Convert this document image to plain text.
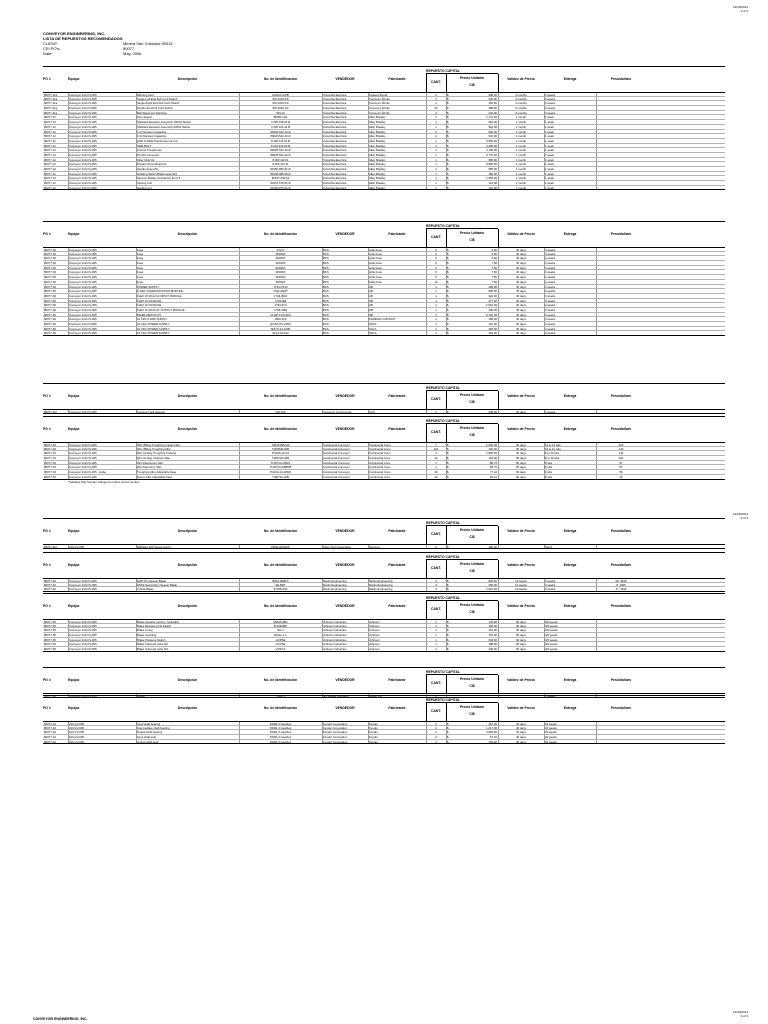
12/30/2014
1 of 3
CONVEYOR ENGINEERING, INC.
LISTA DE REPUESTOS RECOMENDADOS
CLIENT:	Minera San Cristobal 99316
CEI PO's:	80077
Date:	May, 2006
12/30/2014
2 of 3
12/30/2014
3 of 3
CONVEYOR ENGINEERING, INC.
PO #	Equipo	Descripción	No. de Identificación	VENDEDOR	Fabricante	Validez de Precio	Entrega	Peso/dollars
REPUESTO CAPITAL
CANT.
Precio Unitario
CI$
80077-11a	Conveyor 210-CV-005	Warning Horn	WH120 w/PB	Columbia Electrica	Federal Signal	2	$	288.20	3 months	3 weeks
80077-11a	Conveyor 210-CV-005	Single Left End Pull Cord Switch	SPL1010-KS	Columbia Electrica	Conveyor Works	1	$	226.00	3 months	3 weeks
80077-11a	Conveyor 210-CV-005	Single Right End Pull Cord Switch	SPL1010-KS	Columbia Electrica	Conveyor Works	1	$	302.50	3 months	3 weeks
80077-11a	Conveyor 210-CV-005	Double End Pull Cord Switch	SPL2020-KS	Columbia Electrica	Conveyor Works	20	$	288.00	3 months	3 weeks
80077-11a	Conveyor 210-CV-005	Belt Alignment Switches	SPL10	Columbia Electrica	Conveyor Works	4	$	242.00	3 months	3 weeks
80077-12	Conveyor 210-CV-005	Zero Speed	BDZR-XLE	Columbia Electrica	Allen Bradley	1	$	1,174.00	1 month	1 week
80077-12	Conveyor 210-CV-005	Shielded Resistive Assembly 15KVA Starter	3 000 108 60 B	Columbia Electrica	Allen Bradley	1	$	962.00	1 month	1 week
80077-12	Conveyor 210-CV-005	Shielded Resistive Assembly 50KW Starter	3 000 109 44 B	Columbia Electrica	Allen Bradley	1	$	962.00	1 month	1 week
80077-12	Conveyor 210-CV-005	1 kV Resistor Capacitor	80026-522-10-R	Columbia Electrica	Allen Bradley	2	$	632.00	1 month	1 week
80077-12	Conveyor 210-CV-005	1 kV Resistor Capacitor	80026-522-10-R	Columbia Electrica	Allen Bradley	2	$	632.00	1 month	1 week
80077-12	Conveyor 210-CV-005	1000 & 3000 Transformer kit of 2	8 000 110 54 B	Columbia Electrica	Allen Bradley	1	$	6,565.00	1 month	1 week
80077-12	Conveyor 210-CV-005	SRM BOLT	8 001 400 00 B	Columbia Electrica	Allen Bradley	1	$	4,295.00	1 month	1 week
80077-12	Conveyor 210-CV-005	Control Transformer	80026-522-10-R	Columbia Electrica	Allen Bradley	1	$	3,165.00	1 month	1 week
80077-12	Conveyor 210-CV-005	DC-DC Converter	80026-522-10-R	Columbia Electrica	Allen Bradley	1	$	6,770.00	1 month	1 week
80077-12	Conveyor 210-CV-005	Fiber Optic kit	8 000 110 01	Columbia Electrica	Allen Bradley	1	$	985.00	1 month	1 week
80077-12	Conveyor 210-CV-005	Printed Circuit Board kit	8 000 110 31	Columbia Electrica	Allen Bradley	1	$	6,895.00	1 month	1 week
80077-12	Conveyor 210-CV-005	Handle Assembly	80150-880-61-R	Columbia Electrica	Allen Bradley	1	$	985.00	1 month	1 week
80077-12	Conveyor 210-CV-005	Isolating Switch Blade Assembly	80136-986-60-R	Columbia Electrica	Allen Bradley	1	$	186.00	1 month	1 week
80077-12	Conveyor 210-CV-005	Vacuum Bottles (Contactor) kit of 3	80157-646-52	Columbia Electrica	Allen Bradley	1	$	1,952.00	1 month	1 week
80077-12	Conveyor 210-CV-005	Closing Coil	80157-678-51-R	Columbia Electrica	Allen Bradley	1	$	122.00	1 month	1 week
80077-12	Conveyor 210-CV-005	Holding coil	80150-875-51-R	Columbia Electrica	Allen Bradley	1	$	122.00	1 month	1 week
PO #	Equipo	Descripción	No. de Identificación	VENDEDOR	Fabricante	Validez de Precio	Entrega	Peso/dollars
REPUESTO CAPITAL
CANT.
Precio Unitario
CI$
80077-09	Conveyor 210-CV-005	Fuse	272-5	BCS	Little Fuse	6	$	6.00	30 days	4 weeks
80077-09	Conveyor 210-CV-005	Fuse	3150DX	BCS	Little Fuse	5	$	6.50	30 days	4 weeks
80077-09	Conveyor 210-CV-005	Fuse	3150DX	BCS	Little Fuse	5	$	6.50	30 days	4 weeks
80077-09	Conveyor 210-CV-005	Fuse	3150DX	BCS	Little Fuse	6	$	7.50	30 days	4 weeks
80077-09	Conveyor 210-CV-005	Fuse	3150DX	BCS	Little Fuse	5	$	7.50	30 days	4 weeks
80077-09	Conveyor 210-CV-005	Fuse	3150DX	BCS	Little Fuse	5	$	7.50	30 days	4 weeks
80077-09	Conveyor 210-CV-005	Fuse	3150DX	BCS	Little Fuse	5	$	7.50	30 days	4 weeks
80077-09	Conveyor 210-CV-005	Fuse	3150DX	BCS	Little Fuse	10	$	7.50	30 days	4 weeks
80077-09	Conveyor 210-CV-005	POWER SUPPLY	1794-PS13	BCS	AB	1	$	295.00	30 days	4 weeks
80077-09	Conveyor 210-CV-005	E-NET COMMUNICATION MODULE	1794-AENT	BCS	AB	1	$	895.00	30 days	4 weeks
80077-09	Conveyor 210-CV-005	FLEX I/O 8CH DC INPUT MODULE	1794-IB16	BCS	AB	1	$	322.00	30 days	4 weeks
80077-09	Conveyor 210-CV-005	FLEX I/O MODULE	1794-IE8	BCS	AB	1	$	477.00	30 days	4 weeks
80077-09	Conveyor 210-CV-005	FLEX I/O MODULE	1794-IF4I	BCS	AB	1	$	1,064.00	30 days	4 weeks
80077-09	Conveyor 210-CV-005	FLEX I/O 8CH DC OUTPUT MODULE	1794-OB8	BCS	AB	1	$	295.00	30 days	4 weeks
80077-09	Conveyor 210-CV-005	PANELVIEW PLUS	2711P-T10C4D1	BCS	AB	1	$	6,792.00	30 days	4 weeks
80077-09	Conveyor 210-CV-005	24 VDC 5 AMP SUPPLY	1606-XL5	BCS	PHOENIX CONTACT	1	$	185.00	30 days	4 weeks
80077-09	Conveyor 210-CV-005	24 VDC POWER SUPPLY	QUINT-PS-24DC	BCS	SOLA	1	$	161.00	30 days	4 weeks
80077-09	Conveyor 210-CV-005	24 VDC POWER SUPPLY	SDN 5-24-100P	BCS	SOLA	1	$	283.00	30 days	4 weeks
80077-09	Conveyor 210-CV-005	24 VDC POWER SUPPLY	SFL3-24-100	BCS	SOLA	1	$	418.00	30 days	4 weeks
PO #	Equipo	Descripción	No. de Identificación	VENDEDOR	Fabricante	Validez de Precio	Entrega	Peso/dollars
REPUESTO CAPITAL
CANT.
Precio Unitario
CI$
80077-11b	Conveyor 210-CV-005	Conveyor belt detector	SM-100	Conveyor Components	CCC	1	$	238.00	30 days	2 weeks
PO #	Equipo	Descripción	No. de Identificación	VENDEDOR	Fabricante	Validez de Precio	Entrega	Peso/dollars
REPUESTO CAPITAL
CANT.
Precio Unitario
CI$
80077-03	Conveyor 210-CV-005	20in 35Deg Troughing Impact Idler	TIM4035IM-20	Continental Conveyor	Continental Conv.	7	$	1,000.00	60 days	12 to 14 wks	220
80077-03	Conveyor 210-CV-005	20in 35Deg Troughing Idler	TI4035M-20B	Continental Conveyor	Continental Conv.	110	$	162.00	60 days	10 to 12 wks	140
80077-03	Conveyor 210-CV-005	20in 10 Deg Troughing Training	TI4010-20-SA	Continental Conveyor	Continental Conv.	4	$	1,800.00	60 days	8 to 10 wks	140
80077-03	Conveyor 210-CV-005	20in 10 Deg V-Return Idler	TI4RV20-20B	Continental Conveyor	Continental Conv.	20	$	193.00	60 days	8 to 10 wks	110
80077-03	Conveyor 210-CV-005	20in Flat Return Idler	TI4ST10-20SIN	Continental Conveyor	Continental Conv.	1	$	88.76	60 days	8 wks	87
80077-03	Conveyor 210-CV-005	20in Flat Carry Idler	TI4RT10-20B008	Continental Conveyor	Continental Conv.	1	$	88.76	60 days	8 wks	87
80077-03	Conveyor 210-CV-005 - Hp&e	Troughing Idler Adjustable base	TI4010-10-20SIN	Continental Conveyor	Continental Conv.	20	$	77.44	60 days	8 wks	56
80077-03	Conveyor 210-CV-005	Return Idler Adjustable base	TI4RT10-20B	Continental Conveyor	Continental Conv.	20	$	99.44	60 days	8 wks	45
*Indicates Part Number changed to reflect correct number.
PO #	Equipo	Descripción	No. de Identificación	VENDEDOR	Fabricante	Validez de Precio	Entrega	Peso/dollars
REPUESTO CAPITAL
CANT.
Precio Unitario
CI$
80077-11b	210-CV-005	Milliplate 600 Speed switch	PR6013030SS	Sales Tech Associates	Siemens	2	$	460.00	Stock
PO #	Equipo	Descripción	No. de Identificación	VENDEDOR	Fabricante	Validez de Precio	Entrega	Peso/dollars
REPUESTO CAPITAL
CANT.
Precio Unitario
CI$
80077-02	Conveyor 210-CV-005	EQP Pre-cleaner Blade	BSM-180B-5	Martin Engineering	Martin Engineering	4	$	835.00	12 weeks	3 weeks	69 .4466
80077-02	Conveyor 210-CV-005	DSTE Secondary Cleaner Blade	SE-BRT	Martin Engineering	Martin Engineering	4	$	256.00	12 weeks	3 weeks	8 .1305
80077-02	Conveyor 210-CV-005	V-Plow Blade	97785-A60	Martin Engineering	Martin Engineering	3	$	1,216.00	12 weeks	3 weeks	47 .4466
PO #	Equipo	Descripción	No. de Identificación	VENDEDOR	Fabricante	Validez de Precio	Entrega	Peso/dollars
REPUESTO CAPITAL
CANT.
Precio Unitario
CI$
80077-05	Conveyor 210-CV-005	Brake Actuator (spring / hydraulic)	MWATHBG	Johnson Industries	Johnson	1	$	178.00	90 days	4/6 weeks
80077-05	Conveyor 210-CV-005	Brake Release Limit Switch	B-1666MP	Johnson Industries	Johnson	1	$	136.00	90 days	4/6 weeks
80077-05	Conveyor 210-CV-005	Brake Lining	NH-1	Johnson Industries	Johnson	1	$	151.00	90 days	4/6 weeks
80077-05	Conveyor 210-CV-005	Brake Coupling	BCH1-1-1	Johnson Industries	Johnson	1	$	152.00	90 days	4/6 weeks
80077-05	Conveyor 210-CV-005	Brake Pressure Switch	HCPSE	Johnson Industries	Johnson	1	$	643.00	90 days	4/6 weeks
80077-05	Conveyor 210-CV-005	Brake Solenoid valve NC	HCVSE	Johnson Industries	Johnson	1	$	188.00	90 days	4/6 weeks
80077-05	Conveyor 210-CV-005	Brake Solenoid valve NO	HVSCS	Johnson Industries	Johnson	1	$	226.00	90 days	4/6 weeks
PO #	Equipo	Descripción	No. de Identificación	VENDEDOR	Fabricante	Validez de Precio	Entrega	Peso/dollars
REPUESTO CAPITAL
CANT.
Precio Unitario
CI$
80077-06	Conveyor 210-CV-005	Guillot	Type II	Joy Guillot Company	Guillot Co.	2	1 weeks
PO #	Equipo	Descripción	No. de Identificación	VENDEDOR	Fabricante	Validez de Precio	Entrega	Peso/dollars
REPUESTO CAPITAL
CANT.
Precio Unitario
CI$
80077-04	210-CV-005	Input shaft bearing	KSSR-3 Gearbox	Fender Corporation	Fender	2	$	457.20	30 days	24 weeks
80077-04	210-CV-005	Intermediate shaft bearing	KSSR-3 Gearbox	Fender Corporation	Fender	2	$	1,217.00	30 days	24 weeks
80077-04	210-CV-005	Output shaft bearing	KSSR-3 Gearbox	Fender Corporation	Fender	2	$	3,665.00	30 days	24 weeks
80077-04	210-CV-005	Input shaft seal	KSSR-3 Gearbox	Fender Corporation	Fender	2	$	57.20	30 days	24 weeks
80077-04	210-CV-005	Output shaft seal	KSSR-3 Gearbox	Fender Corporation	Fender	2	$	169.00	30 days	24 weeks
